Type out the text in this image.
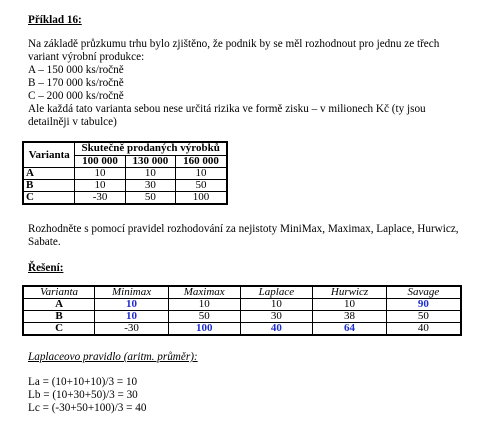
Příklad 16:
Na základě průzkumu trhu bylo zjištěno, že podnik by se měl rozhodnout pro jednu ze třech
variant výrobní produkce:
A – 150 000 ks/ročně
B – 170 000 ks/ročně
C – 200 000 ks/ročně
Ale každá tato varianta sebou nese určitá rizika ve formě zisku – v milionech Kč (ty jsou
detailněji v tabulce)
Varianta	Skutečně prodaných výrobků		
	100 000	130 000	160 000
A	10	10	10
B	10	30	50
C	-30	50	100
Rozhodněte s pomocí pravidel rozhodování za nejistoty MiniMax, Maximax, Laplace, Hurwicz,
Sabate.
Řešení:
Varianta	Minimax	Maximax	Laplace	Hurwicz	Savage
A	10	10	10	10	90
B	10	50	30	38	50
C	-30	100	40	64	40
Laplaceovo pravidlo (aritm. průměr):
La = (10+10+10)/3 = 10
Lb = (10+30+50)/3 = 30
Lc = (-30+50+100)/3 = 40
